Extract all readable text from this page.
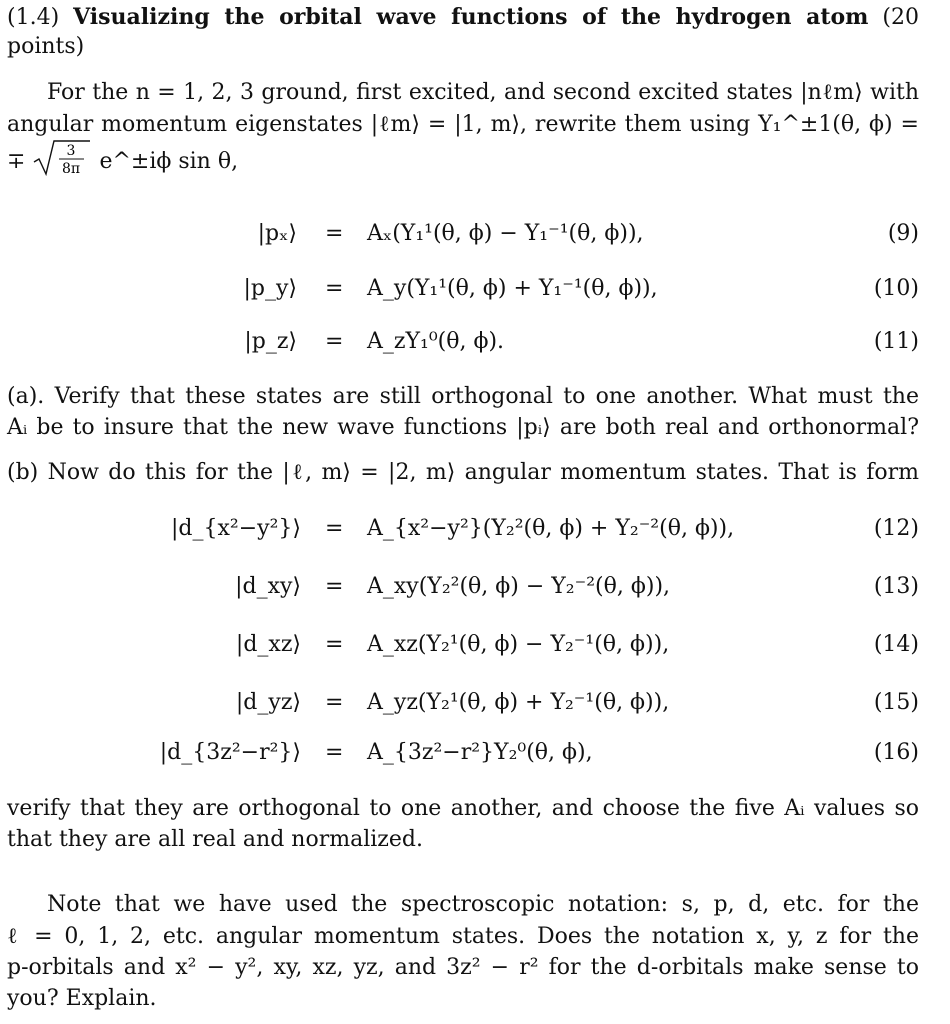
(1.4) Visualizing the orbital wave functions of the hydrogen atom (20
points)
For the n = 1, 2, 3 ground, first excited, and second excited states |nℓm⟩ with
angular momentum eigenstates |ℓm⟩ = |1, m⟩, rewrite them using Y₁^±1(θ, ϕ) =
∓	3
8π e^±iϕ sin θ,
|pₓ⟩ = Aₓ(Y₁¹(θ, ϕ) − Y₁⁻¹(θ, ϕ)),	(9)
|p_y⟩ = A_y(Y₁¹(θ, ϕ) + Y₁⁻¹(θ, ϕ)),	(10)
|p_z⟩ = A_zY₁⁰(θ, ϕ).	(11)
(a). Verify that these states are still orthogonal to one another. What must the
Aᵢ be to insure that the new wave functions |pᵢ⟩ are both real and orthonormal?
(b) Now do this for the |ℓ, m⟩ = |2, m⟩ angular momentum states. That is form
|d_{x²−y²}⟩ = A_{x²−y²}(Y₂²(θ, ϕ) + Y₂⁻²(θ, ϕ)),	(12)
|d_xy⟩ = A_xy(Y₂²(θ, ϕ) − Y₂⁻²(θ, ϕ)),	(13)
|d_xz⟩ = A_xz(Y₂¹(θ, ϕ) − Y₂⁻¹(θ, ϕ)),	(14)
|d_yz⟩ = A_yz(Y₂¹(θ, ϕ) + Y₂⁻¹(θ, ϕ)),	(15)
|d_{3z²−r²}⟩ = A_{3z²−r²}Y₂⁰(θ, ϕ),	(16)
verify that they are orthogonal to one another, and choose the five Aᵢ values so
that they are all real and normalized.
Note that we have used the spectroscopic notation: s, p, d, etc. for the
ℓ = 0, 1, 2, etc. angular momentum states. Does the notation x, y, z for the
p-orbitals and x² − y², xy, xz, yz, and 3z² − r² for the d-orbitals make sense to
you? Explain.
